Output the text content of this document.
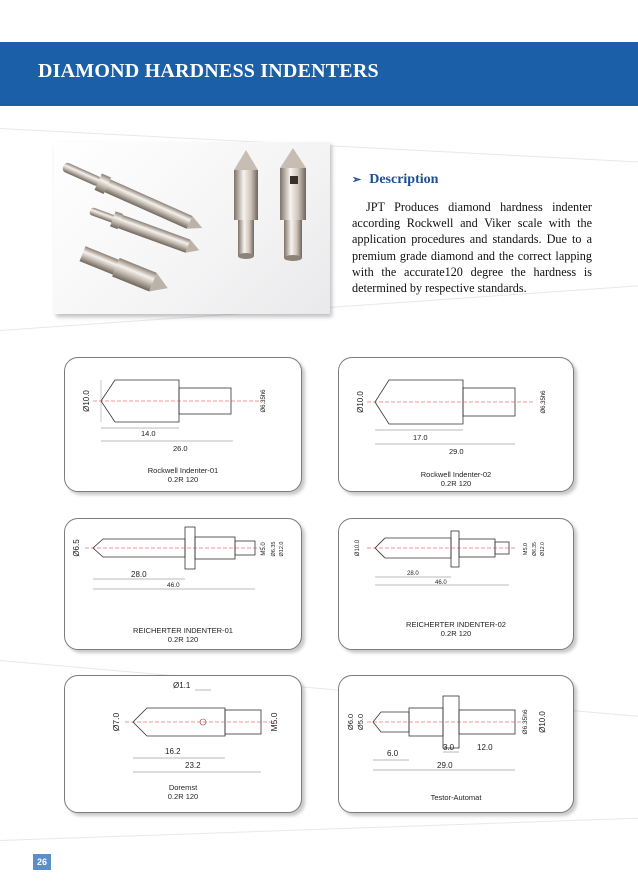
DIAMOND HARDNESS INDENTERS
➢ Description
JPT Produces diamond hardness indenter according Rockwell and Viker scale with the application procedures and standards. Due to a premium grade diamond and the correct lapping with the accurate120 degree the hardness is determined by respective standards.
Ø10.0
14.0
26.0
Ø6.35h6
Rockwell Indenter-01
0.2R 120
Ø10.0
17.0
29.0
Ø6.35h6
Rockwell Indenter-02
0.2R 120
Ø6.5
28.0
46.0
M5.0 Ø6.35 Ø12.0
REICHERTER INDENTER-01
0.2R 120
Ø10.0
28.0
46.0
M5.0 Ø6.35 Ø12.0
REICHERTER INDENTER-02
0.2R 120
Ø1.1
Ø7.0	M5.0
16.2
23.2
Doremst
0.2R 120
Ø6.0 Ø5.0	Ø6.35h6 Ø10.0
6.0
3.0	12.0
29.0
Testor-Automat
26
